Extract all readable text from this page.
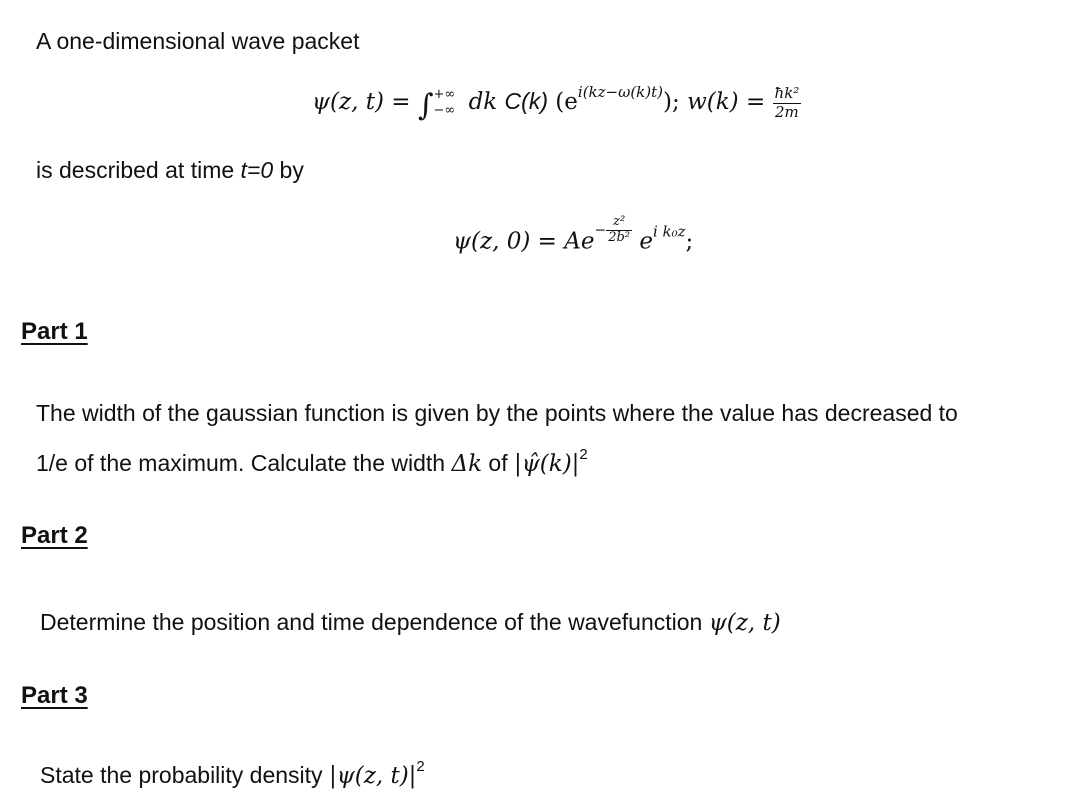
A one-dimensional wave packet
ψ(z, t) = ∫ +∞
−∞ dk C(k) $(e^{i(kz-\omega(k)t)})$; $w(k) = \frac{\text{ħk²}}{2m}$
is described at time t=0 by
ψ(z, $0) = Ae- \frac{\text{z²}}{\text{2b²}} e^{i k_0z}$;
Part 1
The width of the gaussian function is given by the points where the value has decreased to
1/e of the maximum. Calculate the width Δk of $|\psî(k)|^2$
Part 2
Determine the position and time dependence of the wavefunction ψ(z, t)
Part 3
State the probability density |ψ(z, $t)|^2$
